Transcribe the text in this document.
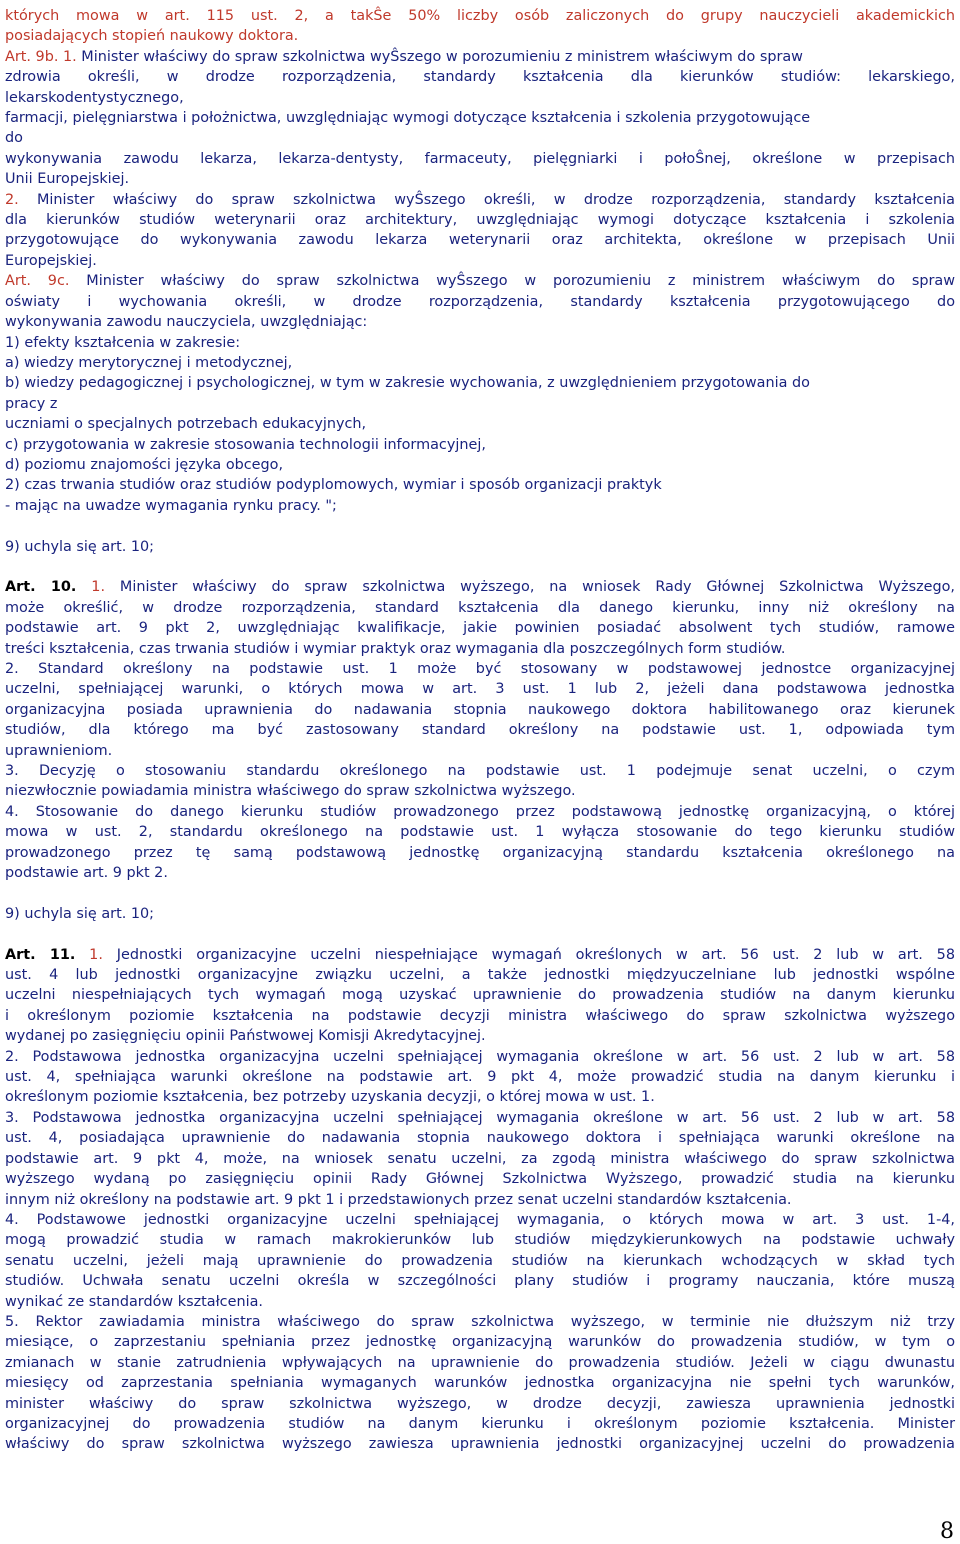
których mowa w art. 115 ust. 2, a takŜe 50% liczby osób zaliczonych do grupy nauczycieli akademickich
posiadających stopień naukowy doktora.
Art. 9b. 1. Minister właściwy do spraw szkolnictwa wyŜszego w porozumieniu z ministrem właściwym do spraw
zdrowia określi, w drodze rozporządzenia, standardy kształcenia dla kierunków studiów: lekarskiego,
lekarskodentystycznego,
farmacji, pielęgniarstwa i położnictwa, uwzględniając wymogi dotyczące kształcenia i szkolenia przygotowujące
do
wykonywania zawodu lekarza, lekarza-dentysty, farmaceuty, pielęgniarki i połoŜnej, określone w przepisach
Unii Europejskiej.
2. Minister właściwy do spraw szkolnictwa wyŜszego określi, w drodze rozporządzenia, standardy kształcenia
dla kierunków studiów weterynarii oraz architektury, uwzględniając wymogi dotyczące kształcenia i szkolenia
przygotowujące do wykonywania zawodu lekarza weterynarii oraz architekta, określone w przepisach Unii
Europejskiej.
Art. 9c. Minister właściwy do spraw szkolnictwa wyŜszego w porozumieniu z ministrem właściwym do spraw
oświaty i wychowania określi, w drodze rozporządzenia, standardy kształcenia przygotowującego do
wykonywania zawodu nauczyciela, uwzględniając:
1) efekty kształcenia w zakresie:
a) wiedzy merytorycznej i metodycznej,
b) wiedzy pedagogicznej i psychologicznej, w tym w zakresie wychowania, z uwzględnieniem przygotowania do
pracy z
uczniami o specjalnych potrzebach edukacyjnych,
c) przygotowania w zakresie stosowania technologii informacyjnej,
d) poziomu znajomości języka obcego,
2) czas trwania studiów oraz studiów podyplomowych, wymiar i sposób organizacji praktyk
- mając na uwadze wymagania rynku pracy. ";
9) uchyla się art. 10;
Art. 10. 1. Minister właściwy do spraw szkolnictwa wyższego, na wniosek Rady Głównej Szkolnictwa Wyższego,
może określić, w drodze rozporządzenia, standard kształcenia dla danego kierunku, inny niż określony na
podstawie art. 9 pkt 2, uwzględniając kwalifikacje, jakie powinien posiadać absolwent tych studiów, ramowe
treści kształcenia, czas trwania studiów i wymiar praktyk oraz wymagania dla poszczególnych form studiów.
2. Standard określony na podstawie ust. 1 może być stosowany w podstawowej jednostce organizacyjnej
uczelni, spełniającej warunki, o których mowa w art. 3 ust. 1 lub 2, jeżeli dana podstawowa jednostka
organizacyjna posiada uprawnienia do nadawania stopnia naukowego doktora habilitowanego oraz kierunek
studiów, dla którego ma być zastosowany standard określony na podstawie ust. 1, odpowiada tym
uprawnieniom.
3. Decyzję o stosowaniu standardu określonego na podstawie ust. 1 podejmuje senat uczelni, o czym
niezwłocznie powiadamia ministra właściwego do spraw szkolnictwa wyższego.
4. Stosowanie do danego kierunku studiów prowadzonego przez podstawową jednostkę organizacyjną, o której
mowa w ust. 2, standardu określonego na podstawie ust. 1 wyłącza stosowanie do tego kierunku studiów
prowadzonego przez tę samą podstawową jednostkę organizacyjną standardu kształcenia określonego na
podstawie art. 9 pkt 2.
9) uchyla się art. 10;
Art. 11. 1. Jednostki organizacyjne uczelni niespełniające wymagań określonych w art. 56 ust. 2 lub w art. 58
ust. 4 lub jednostki organizacyjne związku uczelni, a także jednostki międzyuczelniane lub jednostki wspólne
uczelni niespełniających tych wymagań mogą uzyskać uprawnienie do prowadzenia studiów na danym kierunku
i określonym poziomie kształcenia na podstawie decyzji ministra właściwego do spraw szkolnictwa wyższego
wydanej po zasięgnięciu opinii Państwowej Komisji Akredytacyjnej.
2. Podstawowa jednostka organizacyjna uczelni spełniającej wymagania określone w art. 56 ust. 2 lub w art. 58
ust. 4, spełniająca warunki określone na podstawie art. 9 pkt 4, może prowadzić studia na danym kierunku i
określonym poziomie kształcenia, bez potrzeby uzyskania decyzji, o której mowa w ust. 1.
3. Podstawowa jednostka organizacyjna uczelni spełniającej wymagania określone w art. 56 ust. 2 lub w art. 58
ust. 4, posiadająca uprawnienie do nadawania stopnia naukowego doktora i spełniająca warunki określone na
podstawie art. 9 pkt 4, może, na wniosek senatu uczelni, za zgodą ministra właściwego do spraw szkolnictwa
wyższego wydaną po zasięgnięciu opinii Rady Głównej Szkolnictwa Wyższego, prowadzić studia na kierunku
innym niż określony na podstawie art. 9 pkt 1 i przedstawionych przez senat uczelni standardów kształcenia.
4. Podstawowe jednostki organizacyjne uczelni spełniającej wymagania, o których mowa w art. 3 ust. 1-4,
mogą prowadzić studia w ramach makrokierunków lub studiów międzykierunkowych na podstawie uchwały
senatu uczelni, jeżeli mają uprawnienie do prowadzenia studiów na kierunkach wchodzących w skład tych
studiów. Uchwała senatu uczelni określa w szczególności plany studiów i programy nauczania, które muszą
wynikać ze standardów kształcenia.
5. Rektor zawiadamia ministra właściwego do spraw szkolnictwa wyższego, w terminie nie dłuższym niż trzy
miesiące, o zaprzestaniu spełniania przez jednostkę organizacyjną warunków do prowadzenia studiów, w tym o
zmianach w stanie zatrudnienia wpływających na uprawnienie do prowadzenia studiów. Jeżeli w ciągu dwunastu
miesięcy od zaprzestania spełniania wymaganych warunków jednostka organizacyjna nie spełni tych warunków,
minister właściwy do spraw szkolnictwa wyższego, w drodze decyzji, zawiesza uprawnienia jednostki
organizacyjnej do prowadzenia studiów na danym kierunku i określonym poziomie kształcenia. Minister
właściwy do spraw szkolnictwa wyższego zawiesza uprawnienia jednostki organizacyjnej uczelni do prowadzenia
8
